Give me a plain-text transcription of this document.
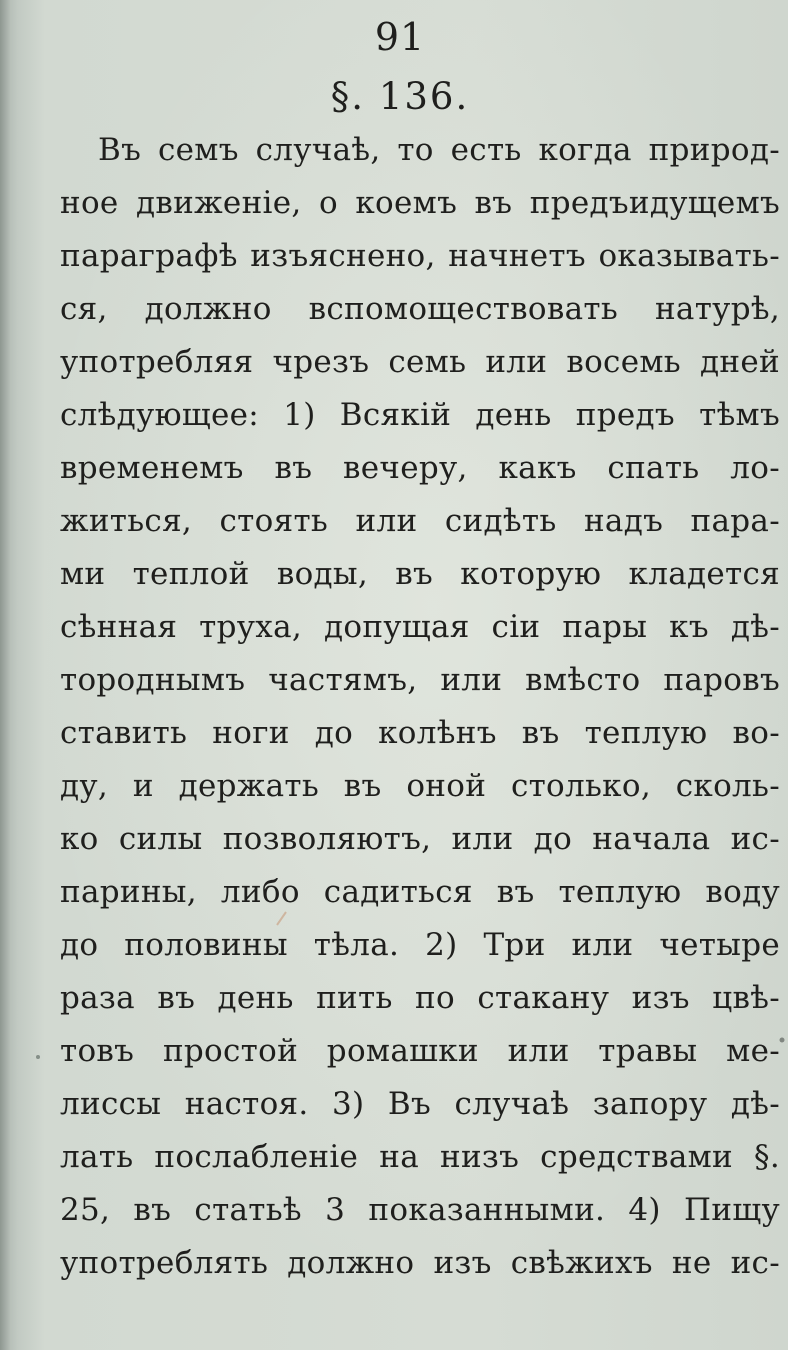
91
§. 136.
Въ семъ случаѣ, то есть когда природ-
ное движеніе, о коемъ въ предъидущемъ
параграфѣ изъяснено, начнетъ оказывать-
ся, должно вспомоществовать натурѣ,
употребляя чрезъ семь или восемь дней
слѣдующее: 1) Всякій день предъ тѣмъ
временемъ въ вечеру, какъ спать ло-
житься, стоять или сидѣть надъ пара-
ми теплой воды, въ которую кладется
сѣнная труха, допущая сіи пары къ дѣ-
тороднымъ частямъ, или вмѣсто паровъ
ставить ноги до колѣнъ въ теплую во-
ду, и держать въ оной столько, сколь-
ко силы позволяютъ, или до начала ис-
парины, либо садиться въ теплую воду
до половины тѣла. 2) Три или четыре
раза въ день пить по стакану изъ цвѣ-
товъ простой ромашки или травы ме-
лиссы настоя. 3) Въ случаѣ запору дѣ-
лать послабленіе на низъ средствами §.
25, въ статьѣ 3 показанными. 4) Пищу
употреблять должно изъ свѣжихъ не ис-
